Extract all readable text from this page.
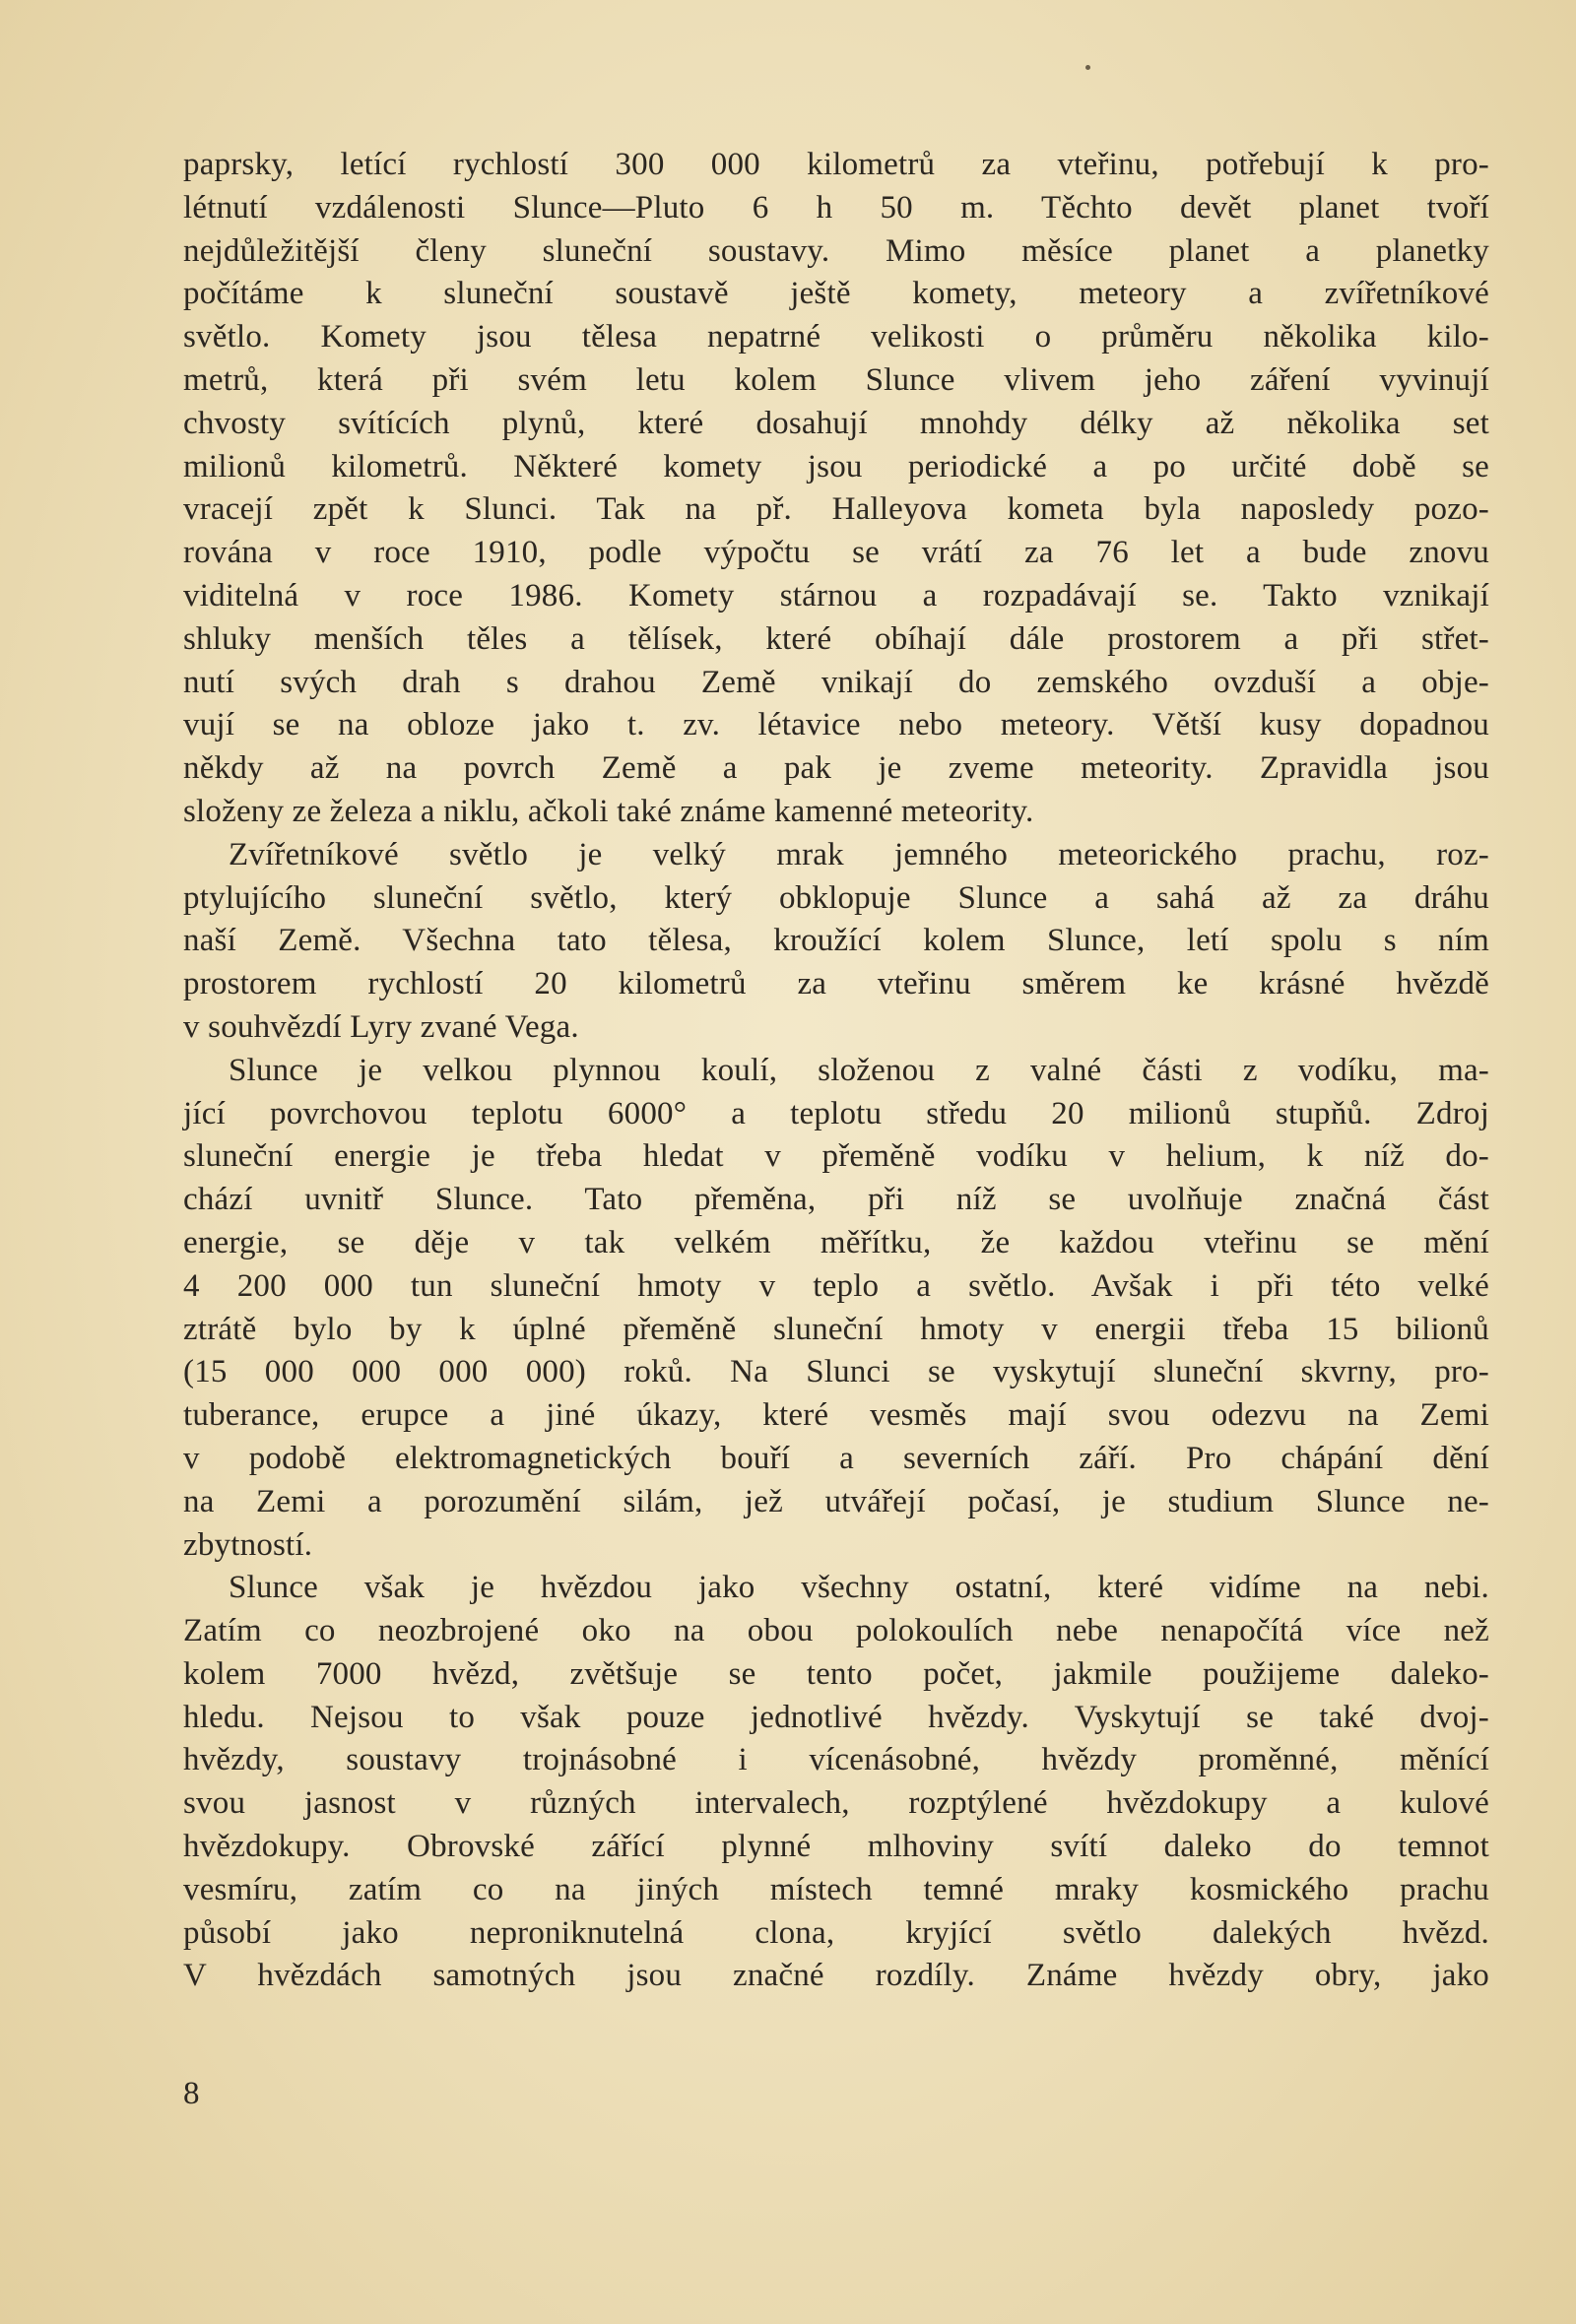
paprsky, letící rychlostí 300 000 kilometrů za vteřinu, potřebují k pro-
létnutí vzdálenosti Slunce—Pluto 6 h 50 m. Těchto devět planet tvoří
nejdůležitější členy sluneční soustavy. Mimo měsíce planet a planetky
počítáme k sluneční soustavě ještě komety, meteory a zvířetníkové
světlo. Komety jsou tělesa nepatrné velikosti o průměru několika kilo-
metrů, která při svém letu kolem Slunce vlivem jeho záření vyvinují
chvosty svítících plynů, které dosahují mnohdy délky až několika set
milionů kilometrů. Některé komety jsou periodické a po určité době se
vracejí zpět k Slunci. Tak na př. Halleyova kometa byla naposledy pozo-
rována v roce 1910, podle výpočtu se vrátí za 76 let a bude znovu
viditelná v roce 1986. Komety stárnou a rozpadávají se. Takto vznikají
shluky menších těles a tělísek, které obíhají dále prostorem a při střet-
nutí svých drah s drahou Země vnikají do zemského ovzduší a obje-
vují se na obloze jako t. zv. létavice nebo meteory. Větší kusy dopadnou
někdy až na povrch Země a pak je zveme meteority. Zpravidla jsou
složeny ze železa a niklu, ačkoli také známe kamenné meteority.
Zvířetníkové světlo je velký mrak jemného meteorického prachu, roz-
ptylujícího sluneční světlo, který obklopuje Slunce a sahá až za dráhu
naší Země. Všechna tato tělesa, kroužící kolem Slunce, letí spolu s ním
prostorem rychlostí 20 kilometrů za vteřinu směrem ke krásné hvězdě
v souhvězdí Lyry zvané Vega.
Slunce je velkou plynnou koulí, složenou z valné části z vodíku, ma-
jící povrchovou teplotu 6000° a teplotu středu 20 milionů stupňů. Zdroj
sluneční energie je třeba hledat v přeměně vodíku v helium, k níž do-
chází uvnitř Slunce. Tato přeměna, při níž se uvolňuje značná část
energie, se děje v tak velkém měřítku, že každou vteřinu se mění
4 200 000 tun sluneční hmoty v teplo a světlo. Avšak i při této velké
ztrátě bylo by k úplné přeměně sluneční hmoty v energii třeba 15 bilionů
(15 000 000 000 000) roků. Na Slunci se vyskytují sluneční skvrny, pro-
tuberance, erupce a jiné úkazy, které vesměs mají svou odezvu na Zemi
v podobě elektromagnetických bouří a severních září. Pro chápání dění
na Zemi a porozumění silám, jež utvářejí počasí, je studium Slunce ne-
zbytností.
Slunce však je hvězdou jako všechny ostatní, které vidíme na nebi.
Zatím co neozbrojené oko na obou polokoulích nebe nenapočítá více než
kolem 7000 hvězd, zvětšuje se tento počet, jakmile použijeme daleko-
hledu. Nejsou to však pouze jednotlivé hvězdy. Vyskytují se také dvoj-
hvězdy, soustavy trojnásobné i vícenásobné, hvězdy proměnné, měnící
svou jasnost v různých intervalech, rozptýlené hvězdokupy a kulové
hvězdokupy. Obrovské zářící plynné mlhoviny svítí daleko do temnot
vesmíru, zatím co na jiných místech temné mraky kosmického prachu
působí jako neproniknutelná clona, kryjící světlo dalekých hvězd.
V hvězdách samotných jsou značné rozdíly. Známe hvězdy obry, jako
8
